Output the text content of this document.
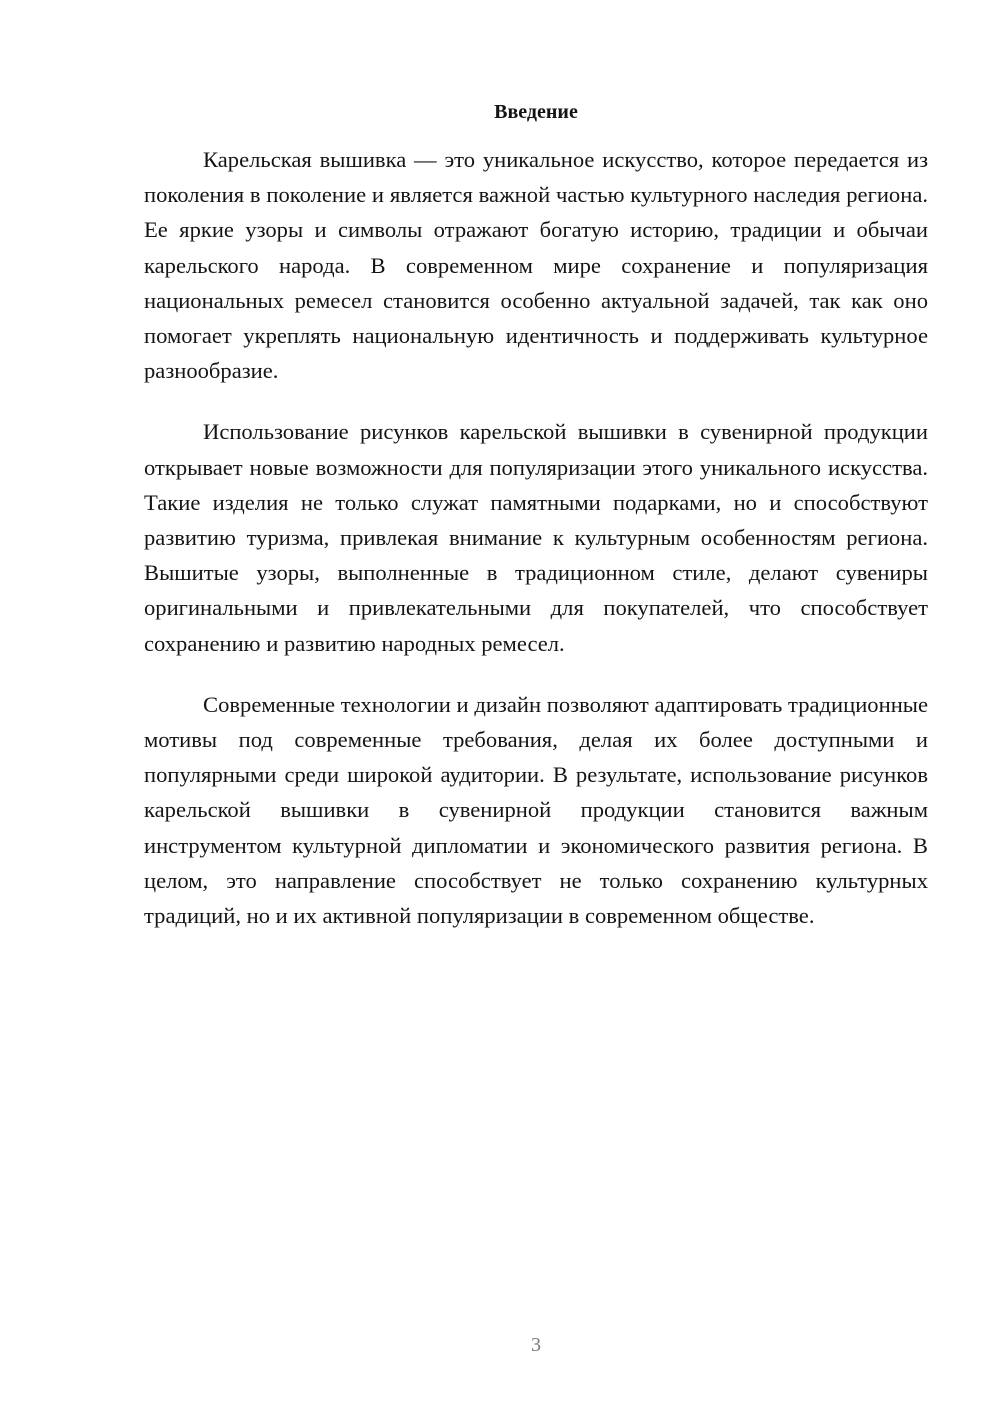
Введение

Карельская вышивка — это уникальное искусство, которое передается из поколения в поколение и является важной частью культурного наследия региона. Ее яркие узоры и символы отражают богатую историю, традиции и обычаи карельского народа. В современном мире сохранение и популяризация национальных ремесел становится особенно актуальной задачей, так как оно помогает укреплять национальную идентичность и поддерживать культурное разнообразие.

Использование рисунков карельской вышивки в сувенирной продукции открывает новые возможности для популяризации этого уникального искусства. Такие изделия не только служат памятными подарками, но и способствуют развитию туризма, привлекая внимание к культурным особенностям региона. Вышитые узоры, выполненные в традиционном стиле, делают сувениры оригинальными и привлекательными для покупателей, что способствует сохранению и развитию народных ремесел.

Современные технологии и дизайн позволяют адаптировать традиционные мотивы под современные требования, делая их более доступными и популярными среди широкой аудитории. В результате, использование рисунков карельской вышивки в сувенирной продукции становится важным инструментом культурной дипломатии и экономического развития региона. В целом, это направление способствует не только сохранению культурных традиций, но и их активной популяризации в современном обществе.

3
